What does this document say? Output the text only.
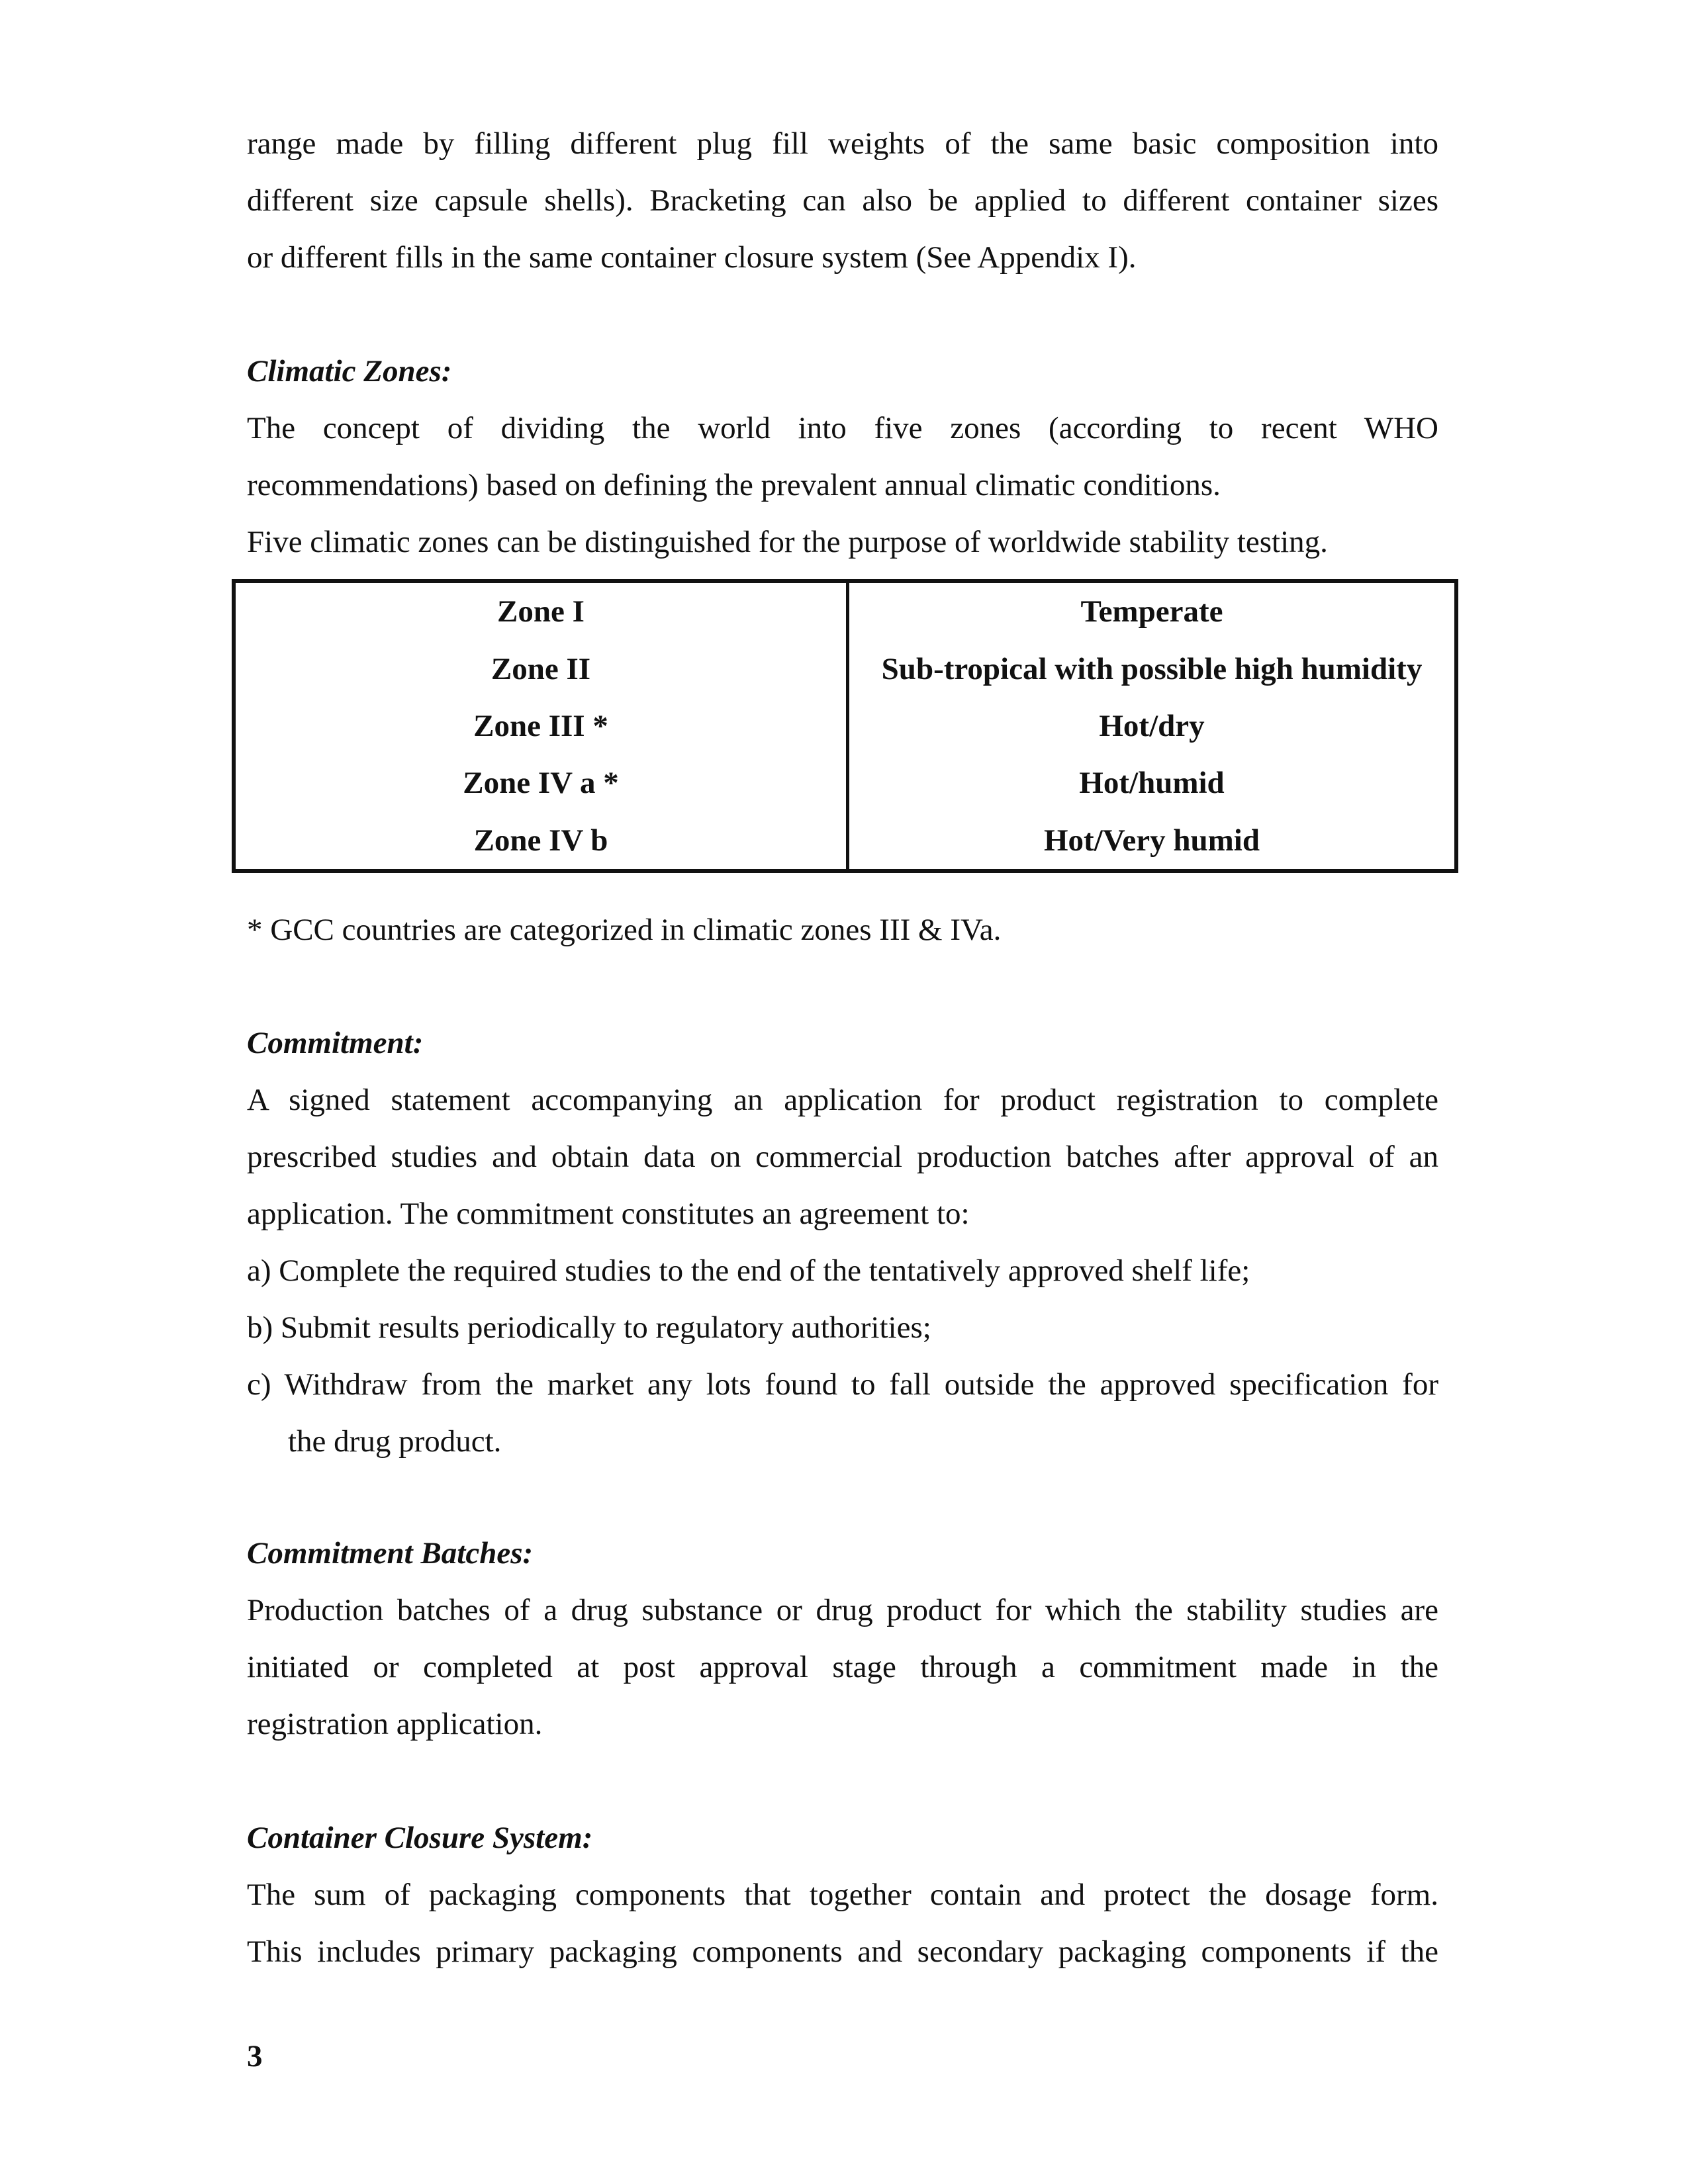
range made by filling different plug fill weights of the same basic composition into
different size capsule shells). Bracketing can also be applied to different container sizes
or different fills in the same container closure system (See Appendix I).
Climatic Zones:
The concept of dividing the world into five zones (according to recent WHO
recommendations) based on defining the prevalent annual climatic conditions.
Five climatic zones can be distinguished for the purpose of worldwide stability testing.
Zone I	Temperate
Zone II	Sub-tropical with possible high humidity
Zone III *	Hot/dry
Zone IV a *	Hot/humid
Zone IV b	Hot/Very humid
* GCC countries are categorized in climatic zones III & IVa.
Commitment:
A signed statement accompanying an application for product registration to complete
prescribed studies and obtain data on commercial production batches after approval of an
application. The commitment constitutes an agreement to:
a) Complete the required studies to the end of the tentatively approved shelf life;
b) Submit results periodically to regulatory authorities;
c) Withdraw from the market any lots found to fall outside the approved specification for
the drug product.
Commitment Batches:
Production batches of a drug substance or drug product for which the stability studies are
initiated or completed at post approval stage through a commitment made in the
registration application.
Container Closure System:
The sum of packaging components that together contain and protect the dosage form.
This includes primary packaging components and secondary packaging components if the
3
